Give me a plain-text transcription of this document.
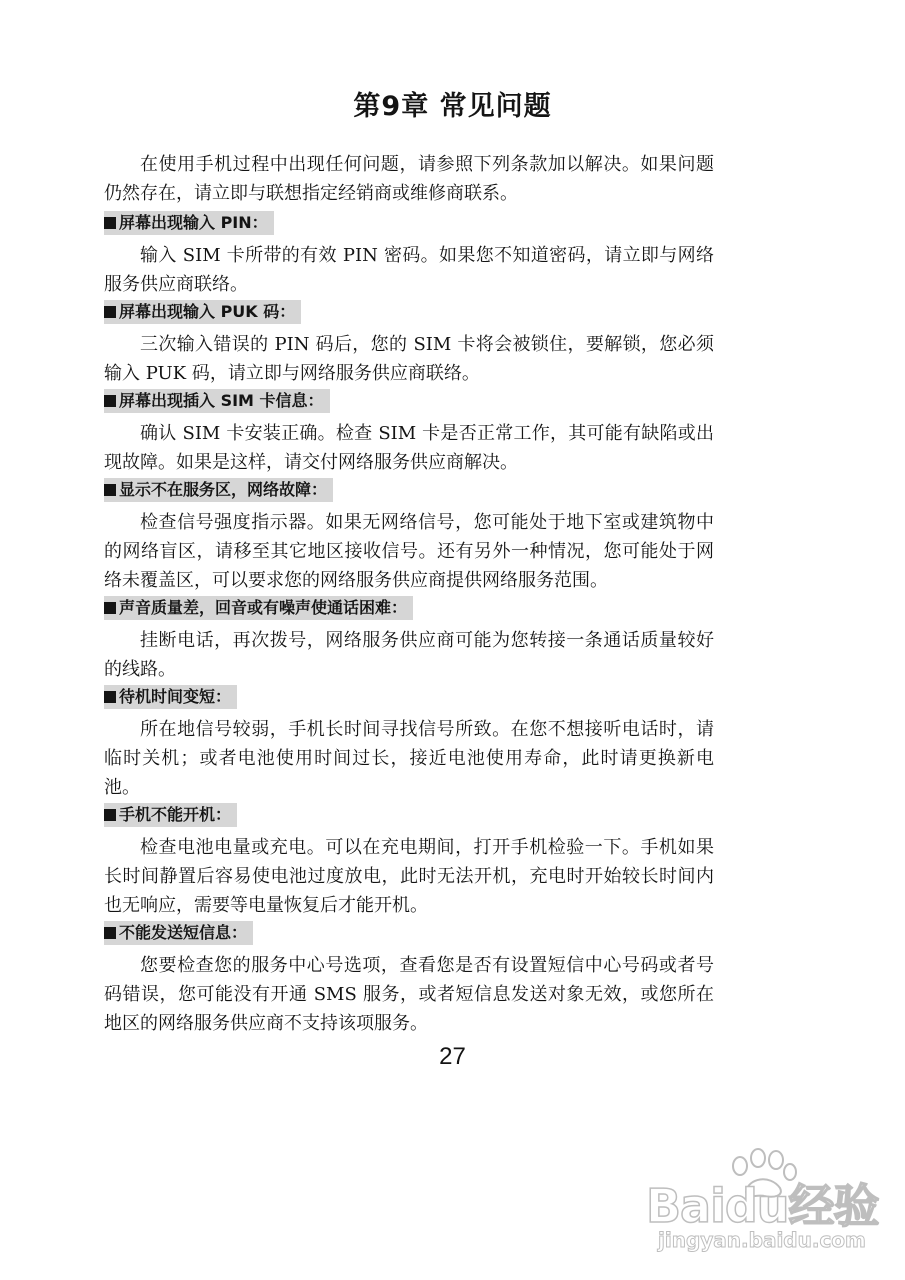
第9章 常见问题

在使用手机过程中出现任何问题，请参照下列条款加以解决。如果问题仍然存在，请立即与联想指定经销商或维修商联系。

屏幕出现输入 PIN：

输入 SIM 卡所带的有效 PIN 密码。如果您不知道密码，请立即与网络服务供应商联络。

屏幕出现输入 PUK 码：

三次输入错误的 PIN 码后，您的 SIM 卡将会被锁住，要解锁，您必须输入 PUK 码，请立即与网络服务供应商联络。

屏幕出现插入 SIM 卡信息：

确认 SIM 卡安装正确。检查 SIM 卡是否正常工作，其可能有缺陷或出现故障。如果是这样，请交付网络服务供应商解决。

显示不在服务区，网络故障：

检查信号强度指示器。如果无网络信号，您可能处于地下室或建筑物中的网络盲区，请移至其它地区接收信号。还有另外一种情况，您可能处于网络未覆盖区，可以要求您的网络服务供应商提供网络服务范围。

声音质量差，回音或有噪声使通话困难：

挂断电话，再次拨号，网络服务供应商可能为您转接一条通话质量较好的线路。

待机时间变短：

所在地信号较弱，手机长时间寻找信号所致。在您不想接听电话时，请临时关机；或者电池使用时间过长，接近电池使用寿命，此时请更换新电池。

手机不能开机：

检查电池电量或充电。可以在充电期间，打开手机检验一下。手机如果长时间静置后容易使电池过度放电，此时无法开机，充电时开始较长时间内也无响应，需要等电量恢复后才能开机。

不能发送短信息：

您要检查您的服务中心号选项，查看您是否有设置短信中心号码或者号码错误，您可能没有开通 SMS 服务，或者短信息发送对象无效，或您所在地区的网络服务供应商不支持该项服务。

27
Baidu经验
jingyan.baidu.com
